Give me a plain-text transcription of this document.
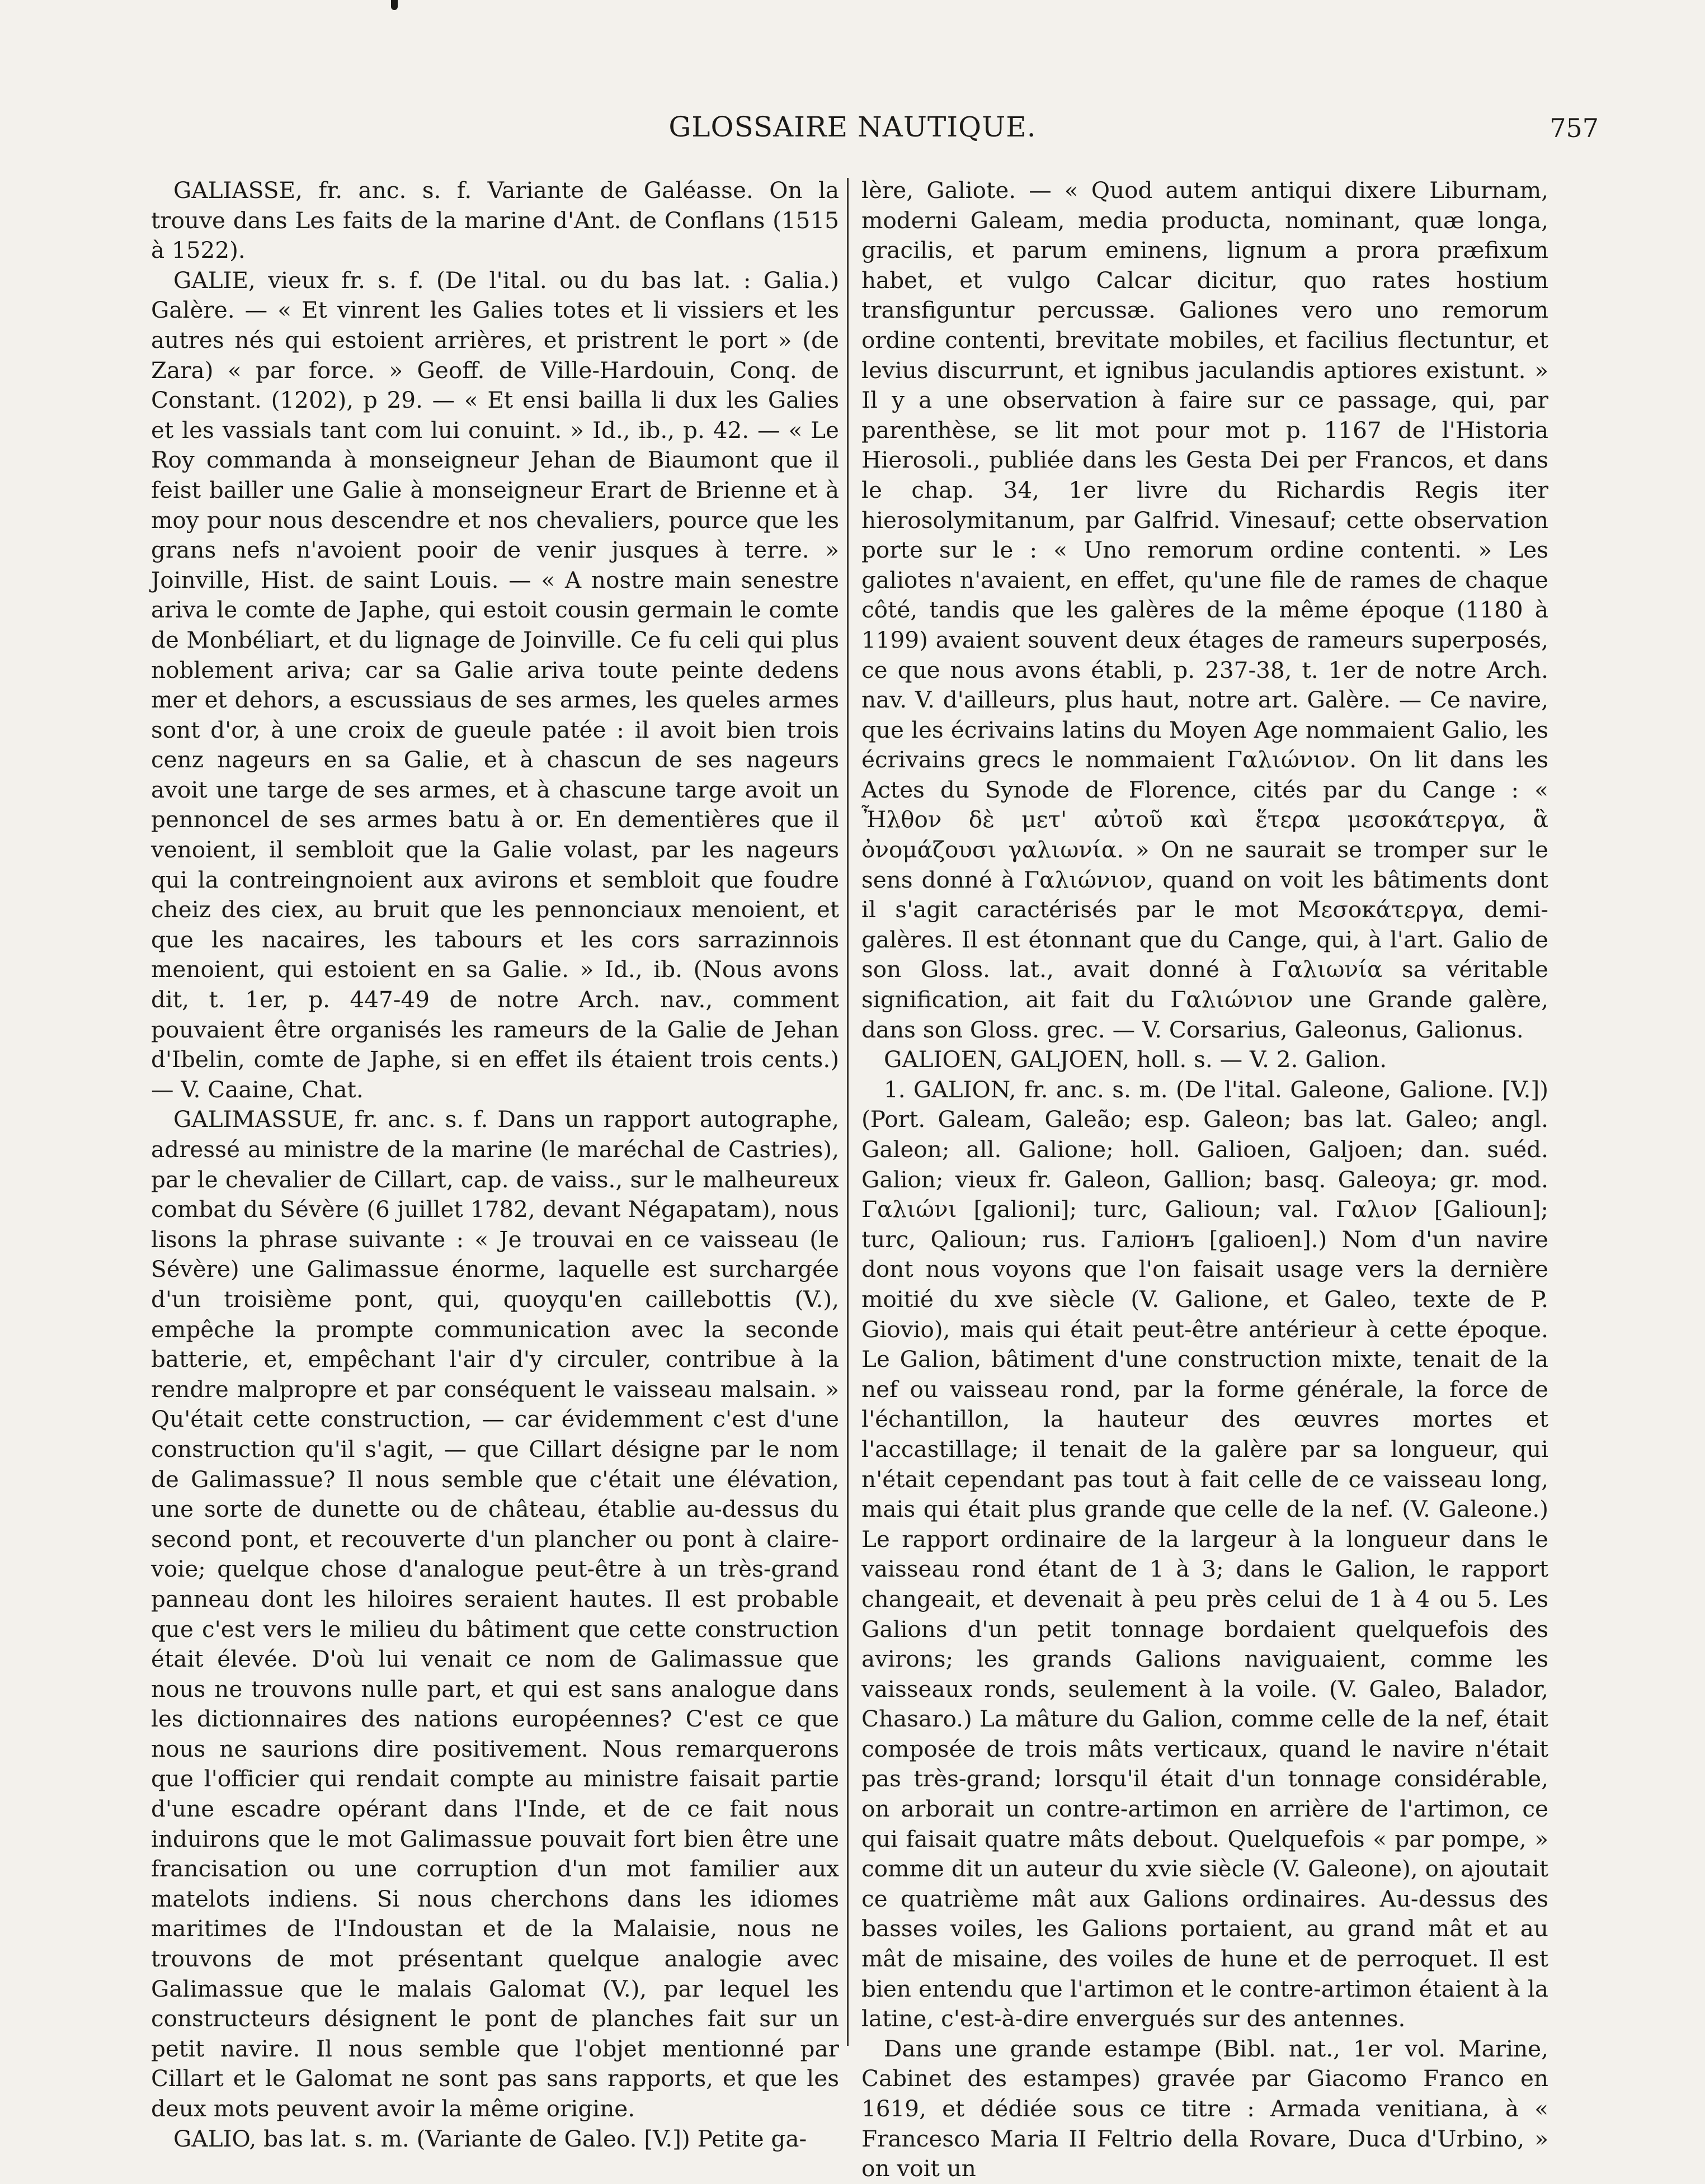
GLOSSAIRE NAUTIQUE.	757

GALIASSE, fr. anc. s. f. Variante de Galéasse. On la trouve dans Les faits de la marine d'Ant. de Conflans (1515 à 1522).

GALIE, vieux fr. s. f. (De l'ital. ou du bas lat. : Galia.) Galère. — « Et vinrent les Galies totes et li vissiers et les autres nés qui estoient arrières, et pristrent le port » (de Zara) « par force. » Geoff. de Ville-Hardouin, Conq. de Constant. (1202), p 29. — « Et ensi bailla li dux les Galies et les vassials tant com lui conuint. » Id., ib., p. 42. — « Le Roy commanda à monseigneur Jehan de Biaumont que il feist bailler une Galie à monseigneur Erart de Brienne et à moy pour nous descendre et nos chevaliers, pource que les grans nefs n'avoient pooir de venir jusques à terre. » Joinville, Hist. de saint Louis. — « A nostre main senestre ariva le comte de Japhe, qui estoit cousin germain le comte de Monbéliart, et du lignage de Joinville. Ce fu celi qui plus noblement ariva; car sa Galie ariva toute peinte dedens mer et dehors, a escussiaus de ses armes, les queles armes sont d'or, à une croix de gueule patée : il avoit bien trois cenz nageurs en sa Galie, et à chascun de ses nageurs avoit une targe de ses armes, et à chascune targe avoit un pennoncel de ses armes batu à or. En dementières que il venoient, il sembloit que la Galie volast, par les nageurs qui la contreingnoient aux avirons et sembloit que foudre cheiz des ciex, au bruit que les pennonciaux menoient, et que les nacaires, les tabours et les cors sarrazinnois menoient, qui estoient en sa Galie. » Id., ib. (Nous avons dit, t. 1er, p. 447-49 de notre Arch. nav., comment pouvaient être organisés les rameurs de la Galie de Jehan d'Ibelin, comte de Japhe, si en effet ils étaient trois cents.) — V. Caaine, Chat.

GALIMASSUE, fr. anc. s. f. Dans un rapport autographe, adressé au ministre de la marine (le maréchal de Castries), par le chevalier de Cillart, cap. de vaiss., sur le malheureux combat du Sévère (6 juillet 1782, devant Négapatam), nous lisons la phrase suivante : « Je trouvai en ce vaisseau (le Sévère) une Galimassue énorme, laquelle est surchargée d'un troisième pont, qui, quoyqu'en caillebottis (V.), empêche la prompte communication avec la seconde batterie, et, empêchant l'air d'y circuler, contribue à la rendre malpropre et par conséquent le vaisseau malsain. » Qu'était cette construction, — car évidemment c'est d'une construction qu'il s'agit, — que Cillart désigne par le nom de Galimassue? Il nous semble que c'était une élévation, une sorte de dunette ou de château, établie au-dessus du second pont, et recouverte d'un plancher ou pont à claire-voie; quelque chose d'analogue peut-être à un très-grand panneau dont les hiloires seraient hautes. Il est probable que c'est vers le milieu du bâtiment que cette construction était élevée. D'où lui venait ce nom de Galimassue que nous ne trouvons nulle part, et qui est sans analogue dans les dictionnaires des nations européennes? C'est ce que nous ne saurions dire positivement. Nous remarquerons que l'officier qui rendait compte au ministre faisait partie d'une escadre opérant dans l'Inde, et de ce fait nous induirons que le mot Galimassue pouvait fort bien être une francisation ou une corruption d'un mot familier aux matelots indiens. Si nous cherchons dans les idiomes maritimes de l'Indoustan et de la Malaisie, nous ne trouvons de mot présentant quelque analogie avec Galimassue que le malais Galomat (V.), par lequel les constructeurs désignent le pont de planches fait sur un petit navire. Il nous semble que l'objet mentionné par Cillart et le Galomat ne sont pas sans rapports, et que les deux mots peuvent avoir la même origine.

GALIO, bas lat. s. m. (Variante de Galeo. [V.]) Petite ga-

lère, Galiote. — « Quod autem antiqui dixere Liburnam, moderni Galeam, media producta, nominant, quæ longa, gracilis, et parum eminens, lignum a prora præfixum habet, et vulgo Calcar dicitur, quo rates hostium transfiguntur percussæ. Galiones vero uno remorum ordine contenti, brevitate mobiles, et facilius flectuntur, et levius discurrunt, et ignibus jaculandis aptiores existunt. » Il y a une observation à faire sur ce passage, qui, par parenthèse, se lit mot pour mot p. 1167 de l'Historia Hierosoli., publiée dans les Gesta Dei per Francos, et dans le chap. 34, 1er livre du Richardis Regis iter hierosolymitanum, par Galfrid. Vinesauf; cette observation porte sur le : « Uno remorum ordine contenti. » Les galiotes n'avaient, en effet, qu'une file de rames de chaque côté, tandis que les galères de la même époque (1180 à 1199) avaient souvent deux étages de rameurs superposés, ce que nous avons établi, p. 237-38, t. 1er de notre Arch. nav. V. d'ailleurs, plus haut, notre art. Galère. — Ce navire, que les écrivains latins du Moyen Age nommaient Galio, les écrivains grecs le nommaient Γαλιώνιον. On lit dans les Actes du Synode de Florence, cités par du Cange : « Ἦλθον δὲ μετ' αὐτοῦ καὶ ἕτερα μεσοκάτεργα, ἃ ὀνομάζουσι γαλιωνία. » On ne saurait se tromper sur le sens donné à Γαλιώνιον, quand on voit les bâtiments dont il s'agit caractérisés par le mot Μεσοκάτεργα, demi-galères. Il est étonnant que du Cange, qui, à l'art. Galio de son Gloss. lat., avait donné à Γαλιωνία sa véritable signification, ait fait du Γαλιώνιον une Grande galère, dans son Gloss. grec. — V. Corsarius, Galeonus, Galionus.

GALIOEN, GALJOEN, holl. s. — V. 2. Galion.

1. GALION, fr. anc. s. m. (De l'ital. Galeone, Galione. [V.]) (Port. Galeam, Galeão; esp. Galeon; bas lat. Galeo; angl. Galeon; all. Galione; holl. Galioen, Galjoen; dan. suéd. Galion; vieux fr. Galeon, Gallion; basq. Galeoya; gr. mod. Γαλιώνι [galioni]; turc, Galioun; val. Γαλιον [Galioun]; turc, Qalioun; rus. Галіонъ [galioen].) Nom d'un navire dont nous voyons que l'on faisait usage vers la dernière moitié du xve siècle (V. Galione, et Galeo, texte de P. Giovio), mais qui était peut-être antérieur à cette époque. Le Galion, bâtiment d'une construction mixte, tenait de la nef ou vaisseau rond, par la forme générale, la force de l'échantillon, la hauteur des œuvres mortes et l'accastillage; il tenait de la galère par sa longueur, qui n'était cependant pas tout à fait celle de ce vaisseau long, mais qui était plus grande que celle de la nef. (V. Galeone.) Le rapport ordinaire de la largeur à la longueur dans le vaisseau rond étant de 1 à 3; dans le Galion, le rapport changeait, et devenait à peu près celui de 1 à 4 ou 5. Les Galions d'un petit tonnage bordaient quelquefois des avirons; les grands Galions naviguaient, comme les vaisseaux ronds, seulement à la voile. (V. Galeo, Balador, Chasaro.) La mâture du Galion, comme celle de la nef, était composée de trois mâts verticaux, quand le navire n'était pas très-grand; lorsqu'il était d'un tonnage considérable, on arborait un contre-artimon en arrière de l'artimon, ce qui faisait quatre mâts debout. Quelquefois « par pompe, » comme dit un auteur du xvie siècle (V. Galeone), on ajoutait ce quatrième mât aux Galions ordinaires. Au-dessus des basses voiles, les Galions portaient, au grand mât et au mât de misaine, des voiles de hune et de perroquet. Il est bien entendu que l'artimon et le contre-artimon étaient à la latine, c'est-à-dire envergués sur des antennes.

Dans une grande estampe (Bibl. nat., 1er vol. Marine, Cabinet des estampes) gravée par Giacomo Franco en 1619, et dédiée sous ce titre : Armada venitiana, à « Francesco Maria II Feltrio della Rovare, Duca d'Urbino, » on voit un
